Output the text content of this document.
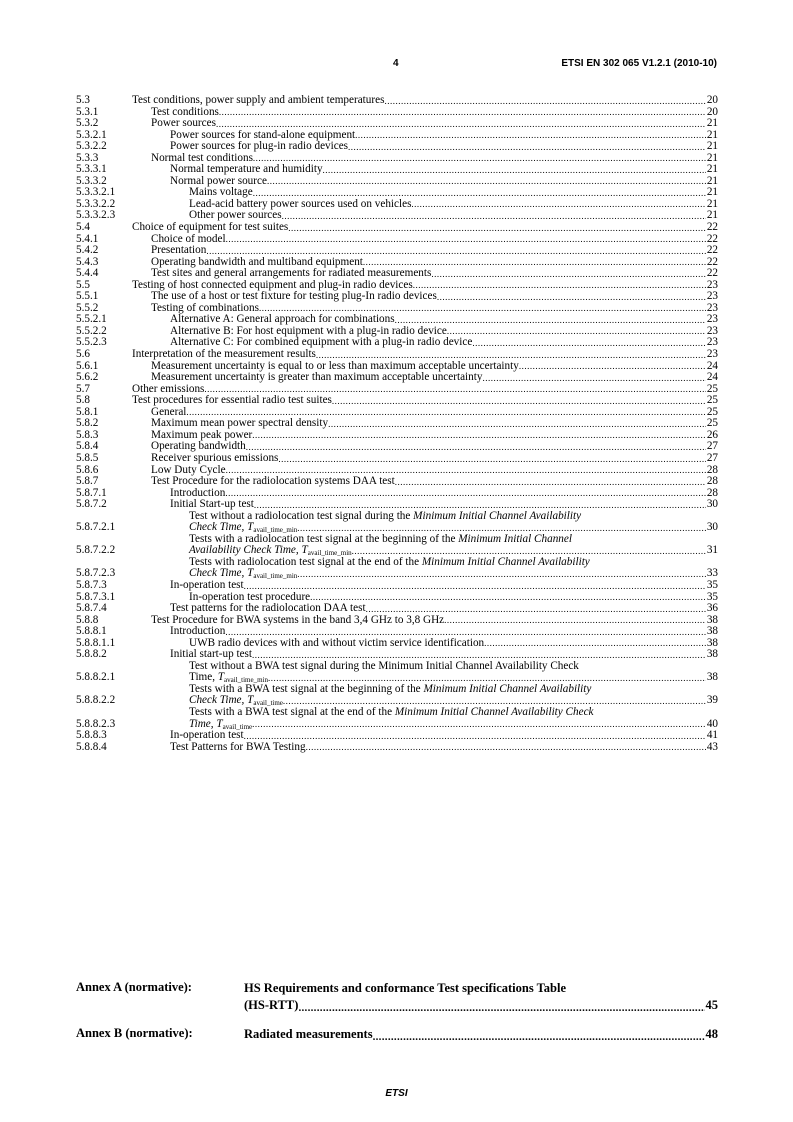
4	ETSI EN 302 065 V1.2.1 (2010-10)
5.3	Test conditions, power supply and ambient temperatures .....	20
5.3.1	Test conditions .....	20
5.3.2	Power sources .....	21
5.3.2.1	Power sources for stand-alone equipment .....	21
5.3.2.2	Power sources for plug-in radio devices .....	21
5.3.3	Normal test conditions .....	21
5.3.3.1	Normal temperature and humidity .....	21
5.3.3.2	Normal power source .....	21
5.3.3.2.1	Mains voltage .....	21
5.3.3.2.2	Lead-acid battery power sources used on vehicles .....	21
5.3.3.2.3	Other power sources .....	21
5.4	Choice of equipment for test suites .....	22
5.4.1	Choice of model .....	22
5.4.2	Presentation .....	22
5.4.3	Operating bandwidth and multiband equipment .....	22
5.4.4	Test sites and general arrangements for radiated measurements .....	22
5.5	Testing of host connected equipment and plug-in radio devices .....	23
5.5.1	The use of a host or test fixture for testing plug-In radio devices .....	23
5.5.2	Testing of combinations .....	23
5.5.2.1	Alternative A: General approach for combinations .....	23
5.5.2.2	Alternative B: For host equipment with a plug-in radio device .....	23
5.5.2.3	Alternative C: For combined equipment with a plug-in radio device .....	23
5.6	Interpretation of the measurement results .....	23
5.6.1	Measurement uncertainty is equal to or less than maximum acceptable uncertainty .....	24
5.6.2	Measurement uncertainty is greater than maximum acceptable uncertainty .....	24
5.7	Other emissions .....	25
5.8	Test procedures for essential radio test suites .....	25
5.8.1	General .....	25
5.8.2	Maximum mean power spectral density .....	25
5.8.3	Maximum peak power .....	26
5.8.4	Operating bandwidth .....	27
5.8.5	Receiver spurious emissions .....	27
5.8.6	Low Duty Cycle .....	28
5.8.7	Test Procedure for the radiolocation systems DAA test .....	28
5.8.7.1	Introduction .....	28
5.8.7.2	Initial Start-up test .....	30
5.8.7.2.1
Test without a radiolocation test signal during the Minimum Initial Channel Availability
Check Time, $T_{avail\_time\_min}$ .....	30
5.8.7.2.2
Tests with a radiolocation test signal at the beginning of the Minimum Initial Channel
Availability Check Time, $T_{avail\_time\_min}$ .....	31
5.8.7.2.3
Tests with radiolocation test signal at the end of the Minimum Initial Channel Availability
Check Time, $T_{avail\_time\_min}$ .....	33
5.8.7.3	In-operation test .....	35
5.8.7.3.1	In-operation test procedure .....	35
5.8.7.4	Test patterns for the radiolocation DAA test .....	36
5.8.8	Test Procedure for BWA systems in the band 3,4 GHz to 3,8 GHz .....	38
5.8.8.1	Introduction .....	38
5.8.8.1.1	UWB radio devices with and without victim service identification .....	38
5.8.8.2	Initial start-up test .....	38
5.8.8.2.1
Test without a BWA test signal during the Minimum Initial Channel Availability Check
Time, $T_{avail\_time\_min}$ .....	38
5.8.8.2.2
Tests with a BWA test signal at the beginning of the Minimum Initial Channel Availability
Check Time, $T_{avail\_time}$ .....	39
5.8.8.2.3
Tests with a BWA test signal at the end of the Minimum Initial Channel Availability Check
Time, $T_{avail\_time}$ .....	40
5.8.8.3	In-operation test .....	41
5.8.8.4	Test Patterns for BWA Testing .....	43
Annex A (normative):	HS Requirements and conformance Test specifications Table
(HS-RTT) .....	45
Annex B (normative):	Radiated measurements .....	48
ETSI
